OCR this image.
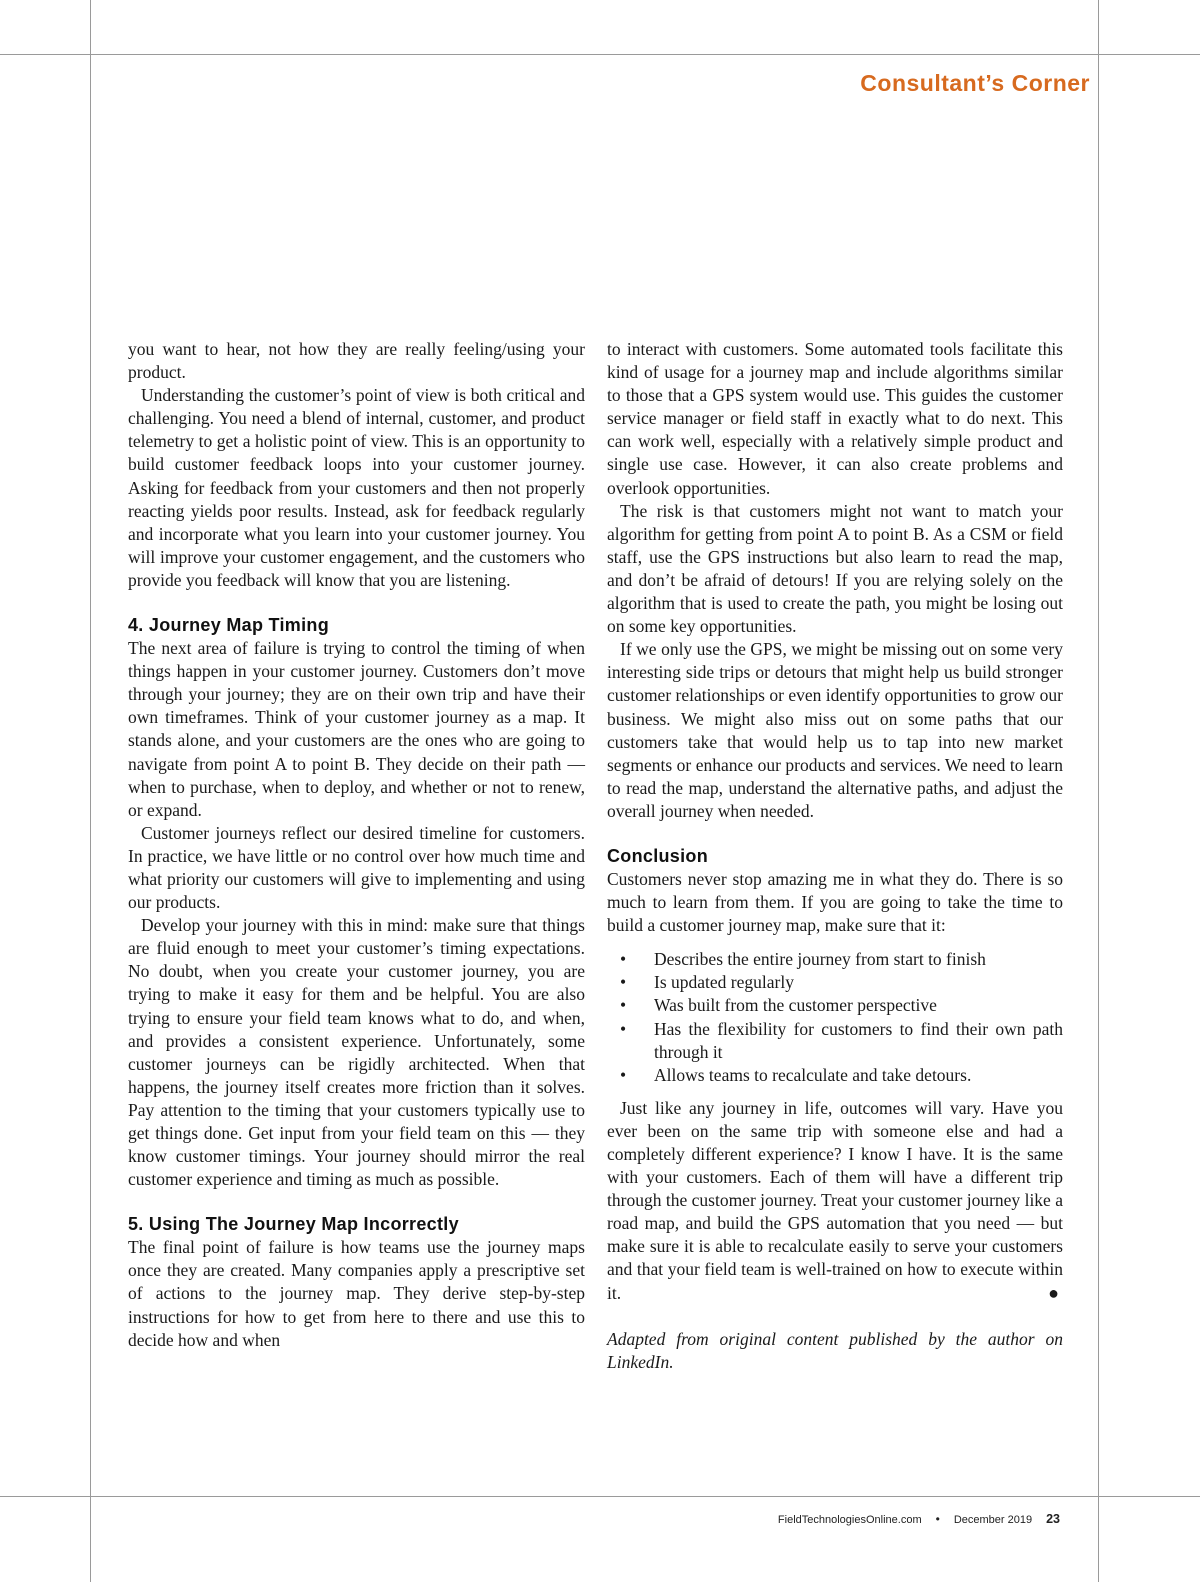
Consultant’s Corner

you want to hear, not how they are really feeling/using your product.

Understanding the customer’s point of view is both critical and challenging. You need a blend of internal, customer, and product telemetry to get a holistic point of view. This is an opportunity to build customer feedback loops into your customer journey. Asking for feedback from your customers and then not properly reacting yields poor results. Instead, ask for feedback regularly and incorporate what you learn into your customer journey. You will improve your customer engagement, and the customers who provide you feedback will know that you are listening.

4. Journey Map Timing

The next area of failure is trying to control the timing of when things happen in your customer journey. Customers don’t move through your journey; they are on their own trip and have their own timeframes. Think of your customer journey as a map. It stands alone, and your customers are the ones who are going to navigate from point A to point B. They decide on their path — when to purchase, when to deploy, and whether or not to renew, or expand.

Customer journeys reflect our desired timeline for customers. In practice, we have little or no control over how much time and what priority our customers will give to implementing and using our products.

Develop your journey with this in mind: make sure that things are fluid enough to meet your customer’s timing expectations. No doubt, when you create your customer journey, you are trying to make it easy for them and be helpful. You are also trying to ensure your field team knows what to do, and when, and provides a consistent experience. Unfortunately, some customer journeys can be rigidly architected. When that happens, the journey itself creates more friction than it solves. Pay attention to the timing that your customers typically use to get things done. Get input from your field team on this — they know customer timings. Your journey should mirror the real customer experience and timing as much as possible.

5. Using The Journey Map Incorrectly

The final point of failure is how teams use the journey maps once they are created. Many companies apply a prescriptive set of actions to the journey map. They derive step-by-step instructions for how to get from here to there and use this to decide how and when

to interact with customers. Some automated tools facilitate this kind of usage for a journey map and include algorithms similar to those that a GPS system would use. This guides the customer service manager or field staff in exactly what to do next. This can work well, especially with a relatively simple product and single use case. However, it can also create problems and overlook opportunities.

The risk is that customers might not want to match your algorithm for getting from point A to point B. As a CSM or field staff, use the GPS instructions but also learn to read the map, and don’t be afraid of detours! If you are relying solely on the algorithm that is used to create the path, you might be losing out on some key opportunities.

If we only use the GPS, we might be missing out on some very interesting side trips or detours that might help us build stronger customer relationships or even identify opportunities to grow our business. We might also miss out on some paths that our customers take that would help us to tap into new market segments or enhance our products and services. We need to learn to read the map, understand the alternative paths, and adjust the overall journey when needed.

Conclusion

Customers never stop amazing me in what they do. There is so much to learn from them. If you are going to take the time to build a customer journey map, make sure that it:

• Describes the entire journey from start to finish
• Is updated regularly
• Was built from the customer perspective
• Has the flexibility for customers to find their own path through it
• Allows teams to recalculate and take detours.

Just like any journey in life, outcomes will vary. Have you ever been on the same trip with someone else and had a completely different experience? I know I have. It is the same with your customers. Each of them will have a different trip through the customer journey. Treat your customer journey like a road map, and build the GPS automation that you need — but make sure it is able to recalculate easily to serve your customers and that your field team is well-trained on how to execute within it.	●

Adapted from original content published by the author on LinkedIn.

FieldTechnologiesOnline.com • December 2019 23
